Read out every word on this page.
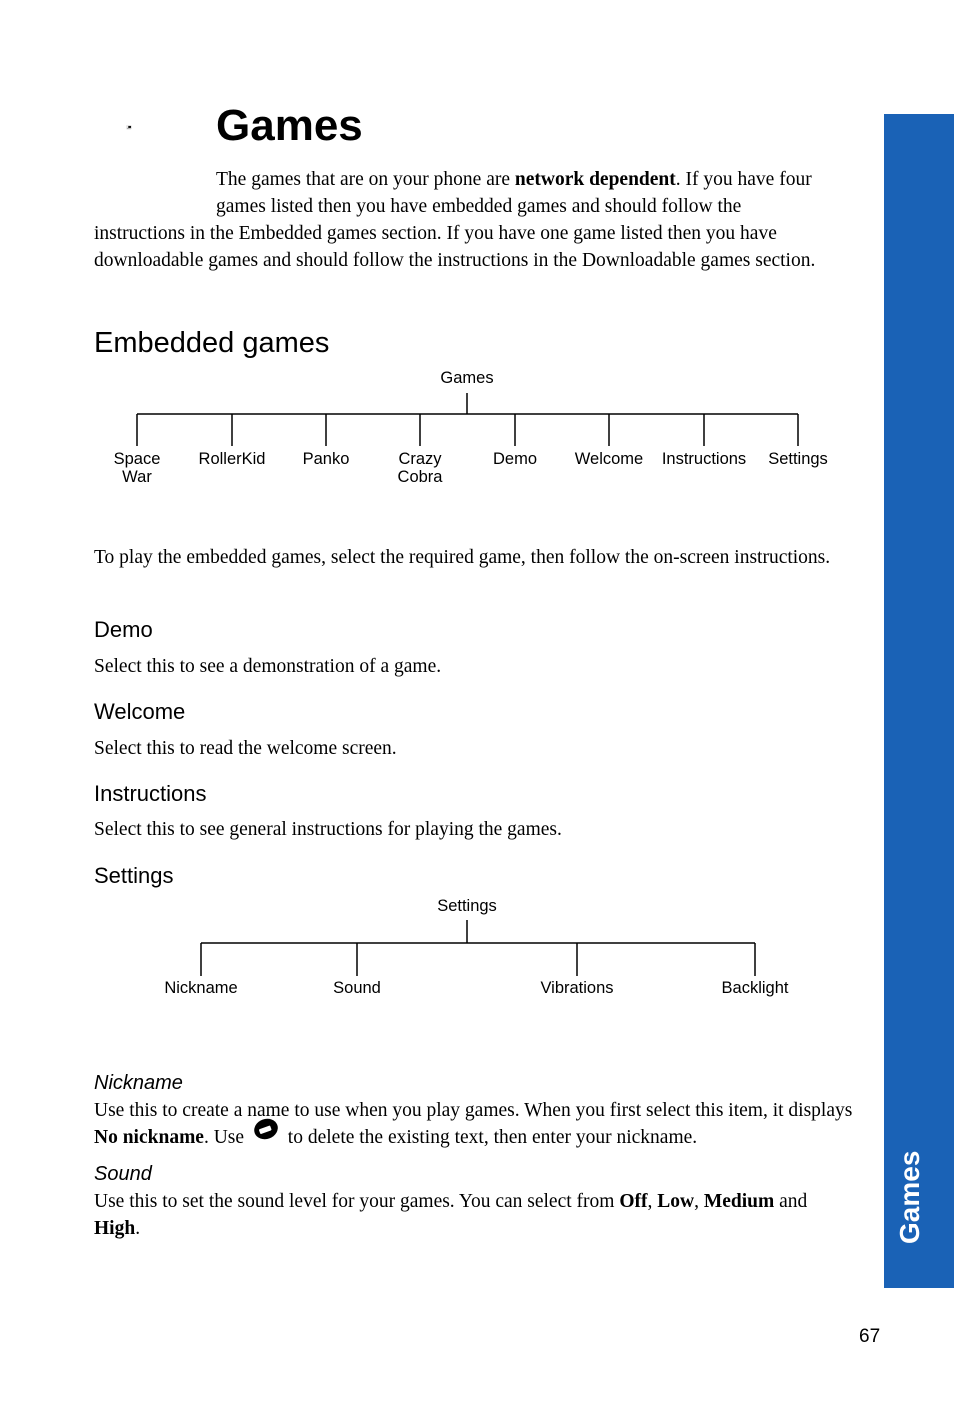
Games
The games that are on your phone are network dependent. If you have four games listed then you have embedded games and should follow the
instructions in the Embedded games section. If you have one game listed then you have downloadable games and should follow the instructions in the Downloadable games section.
Embedded games
Games
Space
War
RollerKid Panko	Crazy
Cobra
Demo Welcome Instructions Settings
To play the embedded games, select the required game, then follow the on-screen instructions.
Demo
Select this to see a demonstration of a game.
Welcome
Select this to read the welcome screen.
Instructions
Select this to see general instructions for playing the games.
Settings
Settings
Nickname	Sound	Vibrations	Backlight
Nickname
Use this to create a name to use when you play games. When you first select this item, it displays No nickname. Use
to delete the existing text, then enter your nickname.
Sound
Use this to set the sound level for your games. You can select from Off, Low, Medium and High.	Games
67
